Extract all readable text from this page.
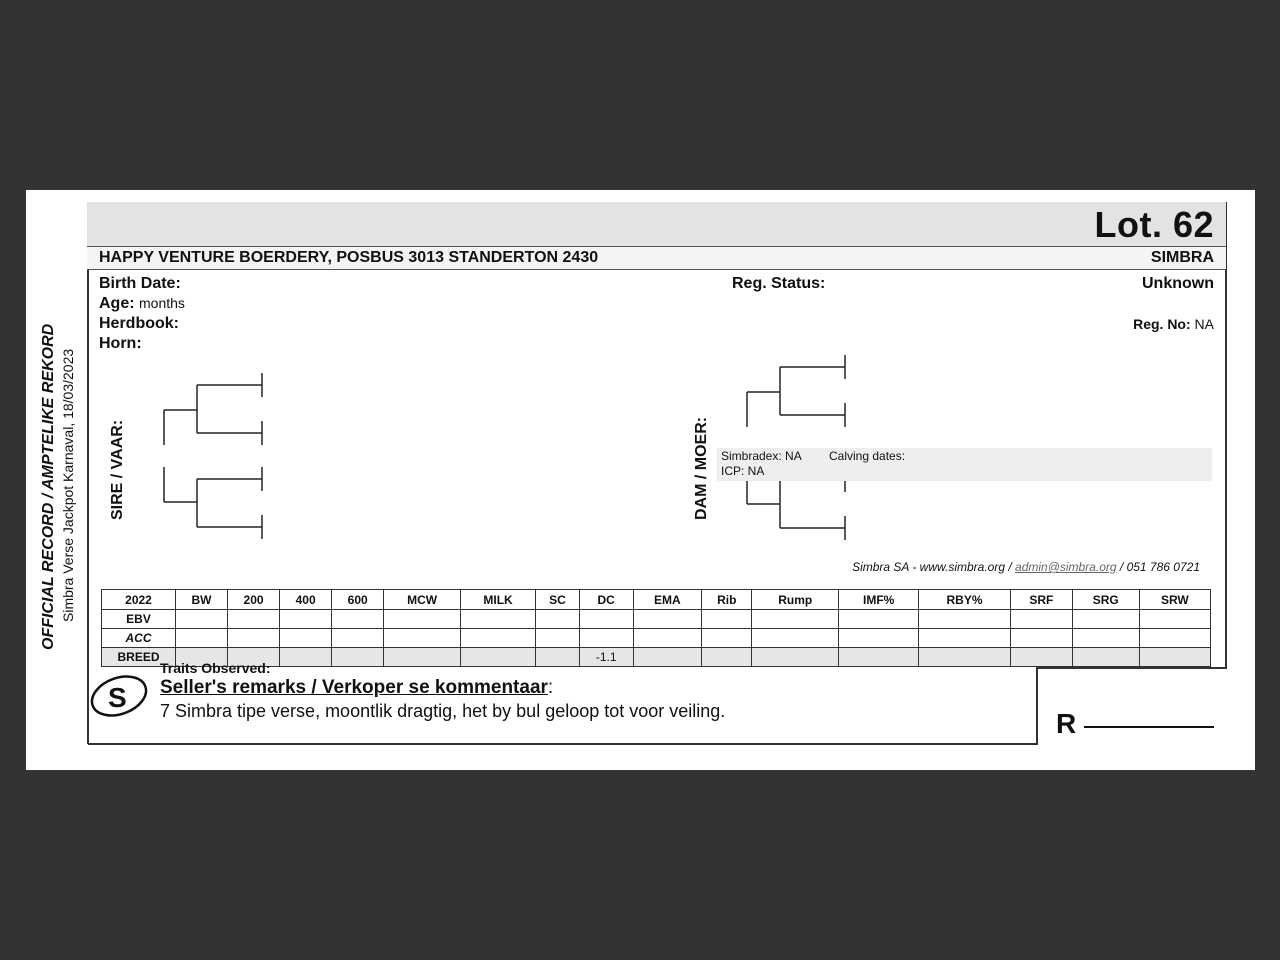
OFFICIAL RECORD / AMPTELIKE REKORD Simbra Verse Jackpot Karnaval, 18/03/2023
Lot. 62
HAPPY VENTURE BOERDERY, POSBUS 3013 STANDERTON 2430	SIMBRA
Birth Date:
Age: months
Herdbook:
Horn:
Reg. Status:	Unknown
Reg. No: NA
SIRE / VAAR:	DAM / MOER: Simbradex: NA Calving dates:
ICP: NA
Simbra SA - www.simbra.org / admin@simbra.org / 051 786 0721
2022	BW	200	400	600	MCW	MILK	SC	DC	EMA	Rib	Rump	IMF%	RBY%	SRF	SRG	SRW
EBV																
ACC																
BREED								-1.1								
Traits Observed:
S Seller's remarks / Verkoper se kommentaar:
7 Simbra tipe verse, moontlik dragtig, het by bul geloop tot voor veiling.	R
